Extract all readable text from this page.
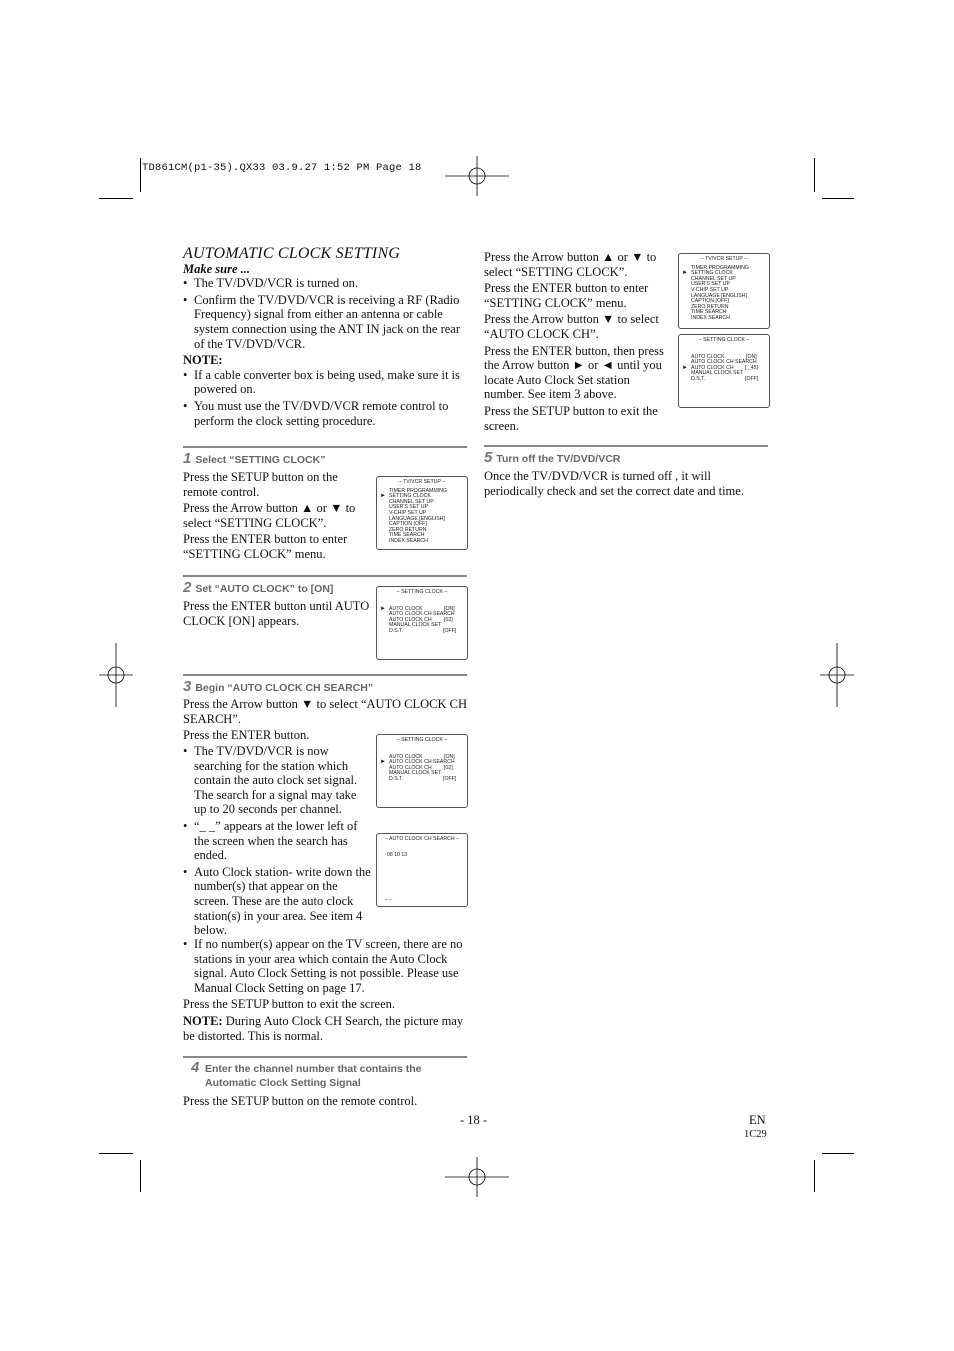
TD861CM(p1-35).QX33 03.9.27 1:52 PM Page 18
AUTOMATIC CLOCK SETTING
Make sure ...
• The TV/DVD/VCR is turned on.
• Confirm the TV/DVD/VCR is receiving a RF (Radio Frequency) signal from either an antenna or cable system connection using the ANT IN jack on the rear of the TV/DVD/VCR.
NOTE:
• If a cable converter box is being used, make sure it is powered on.
• You must use the TV/DVD/VCR remote control to perform the clock setting procedure.
1 Select “SETTING CLOCK”

Press the SETUP button on the remote control.

Press the Arrow button ▲ or ▼ to select “SETTING CLOCK”.

Press the ENTER button to enter “SETTING CLOCK” menu.

– TV/VCR SETUP –
TIMER PROGRAMMING
► SETTING CLOCK
CHANNEL SET UP
USER'S SET UP
V-CHIP SET UP
LANGUAGE [ENGLISH]
CAPTION [OFF]
ZERO RETURN
TIME SEARCH
INDEX SEARCH
2 Set “AUTO CLOCK” to [ON]

Press the ENTER button until AUTO CLOCK [ON] appears.

– SETTING CLOCK –
► AUTO CLOCK	[ON]
AUTO CLOCK CH SEARCH
AUTO CLOCK CH [02]
MANUAL CLOCK SET
D.S.T.	[OFF]
3 Begin “AUTO CLOCK CH SEARCH”

Press the Arrow button ▼ to select “AUTO CLOCK CH SEARCH”.

Press the ENTER button.

• The TV/DVD/VCR is now searching for the station which contain the auto clock set signal. The search for a signal may take up to 20 seconds per channel.
• “_ _” appears at the lower left of the screen when the search has ended.
• Auto Clock station- write down the number(s) that appear on the screen. These are the auto clock station(s) in your area. See item 4 below.
• If no number(s) appear on the TV screen, there are no stations in your area which contain the Auto Clock signal. Auto Clock Setting is not possible. Please use Manual Clock Setting on page 17.

Press the SETUP button to exit the screen.

NOTE: During Auto Clock CH Search, the picture may be distorted. This is normal.

– SETTING CLOCK –
AUTO CLOCK	[ON]
► AUTO CLOCK CH SEARCH
AUTO CLOCK CH [02]
MANUAL CLOCK SET
D.S.T.	[OFF]
– AUTO CLOCK CH SEARCH –
08 10 13
_ _
4 Enter the channel number that contains the
Automatic Clock Setting Signal

Press the SETUP button on the remote control.

Press the Arrow button ▲ or ▼ to select “SETTING CLOCK”.

Press the ENTER button to enter “SETTING CLOCK” menu.

Press the Arrow button ▼ to select “AUTO CLOCK CH”.

Press the ENTER button, then press the Arrow button ► or ◄ until you locate Auto Clock Set station number. See item 3 above.

Press the SETUP button to exit the screen.

– TV/VCR SETUP –
TIMER PROGRAMMING
► SETTING CLOCK
CHANNEL SET UP
USER'S SET UP
V-CHIP SET UP
LANGUAGE [ENGLISH]
CAPTION [OFF]
ZERO RETURN
TIME SEARCH
INDEX SEARCH
– SETTING CLOCK –
AUTO CLOCK	[ON]
AUTO CLOCK CH SEARCH
► AUTO CLOCK CH [ _45]
MANUAL CLOCK SET
D.S.T.	[OFF]
5 Turn off the TV/DVD/VCR

Once the TV/DVD/VCR is turned off , it will periodically check and set the correct date and time.

- 18 -	EN
1C29
